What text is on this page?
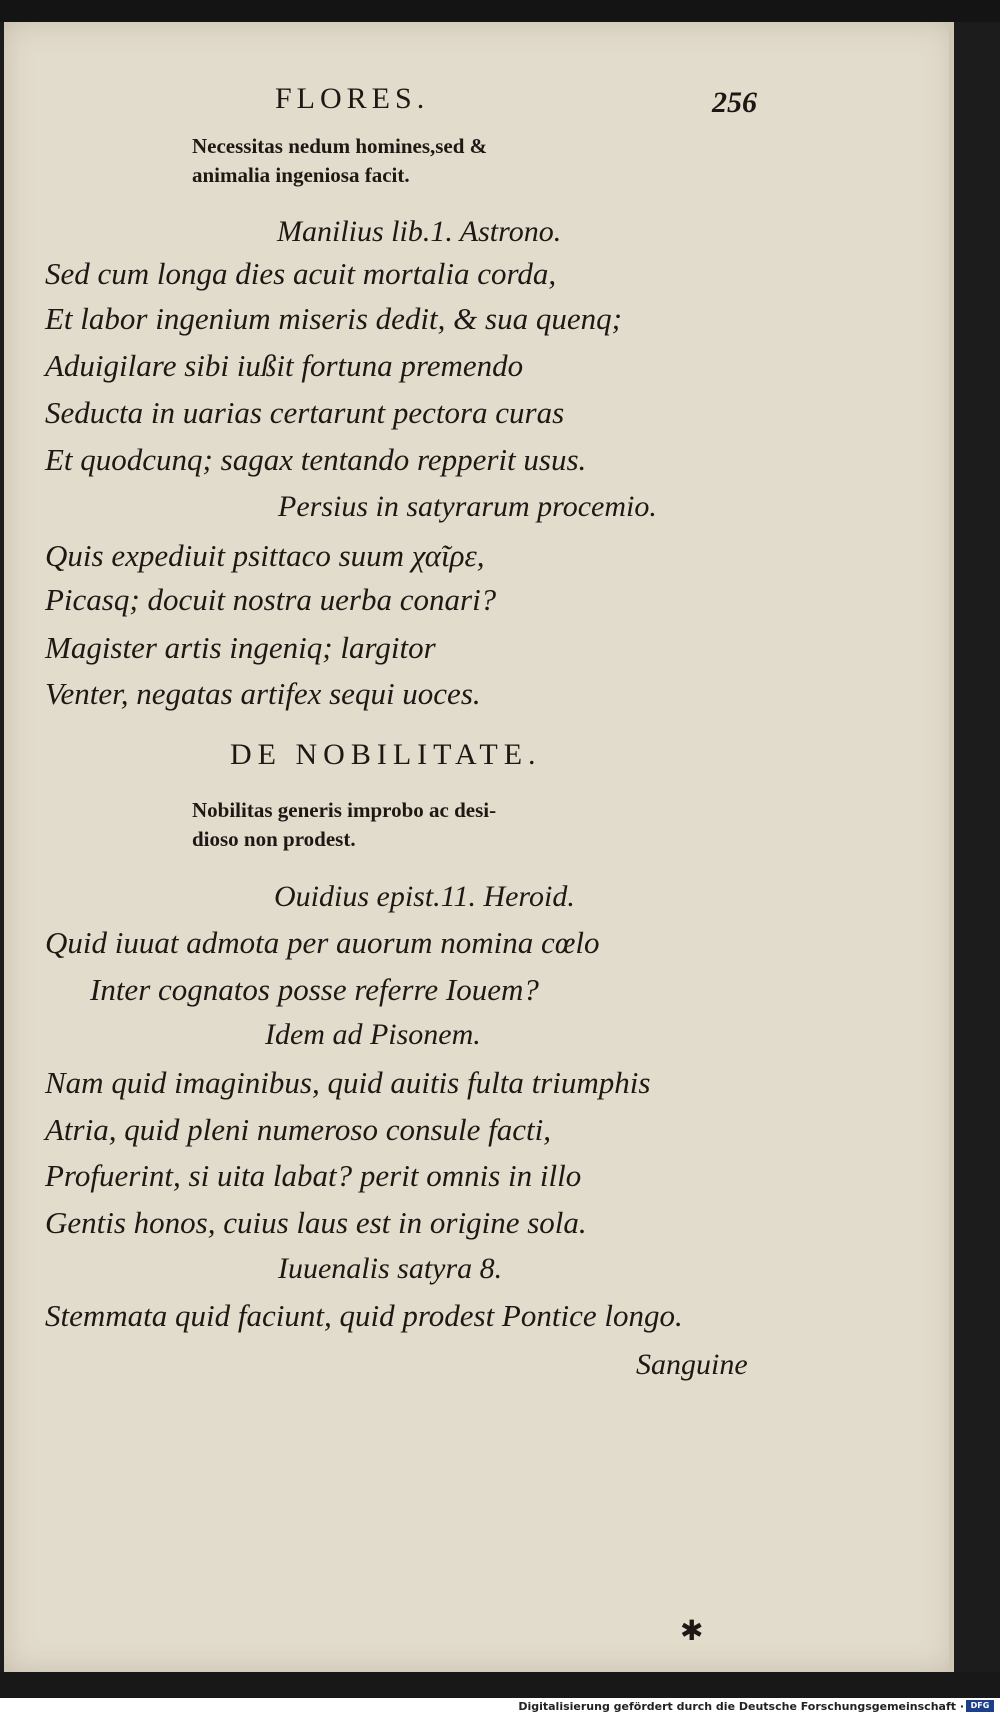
FLORES.	256
Necessitas nedum homines,sed &
animalia ingeniosa facit.
Manilius lib.1. Astrono.
Sed cum longa dies acuit mortalia corda,
Et labor ingenium miseris dedit, & sua quenq;
Aduigilare sibi iußit fortuna premendo
Seducta in uarias certarunt pectora curas
Et quodcunq; sagax tentando repperit usus.
Persius in satyrarum procemio.
Quis expediuit psittaco suum χαῖρε,
Picasq; docuit nostra uerba conari?
Magister artis ingeniq; largitor
Venter, negatas artifex sequi uoces.
DE NOBILITATE.
Nobilitas generis improbo ac desi-
dioso non prodest.
Ouidius epist.11. Heroid.
Quid iuuat admota per auorum nomina cœlo
Inter cognatos posse referre Iouem?
Idem ad Pisonem.
Nam quid imaginibus, quid auitis fulta triumphis
Atria, quid pleni numeroso consule facti,
Profuerint, si uita labat? perit omnis in illo
Gentis honos, cuius laus est in origine sola.
Iuuenalis satyra 8.
Stemmata quid faciunt, quid prodest Pontice longo.
Sanguine
✱
Digitalisierung gefördert durch die Deutsche Forschungsgemeinschaft · DFG
